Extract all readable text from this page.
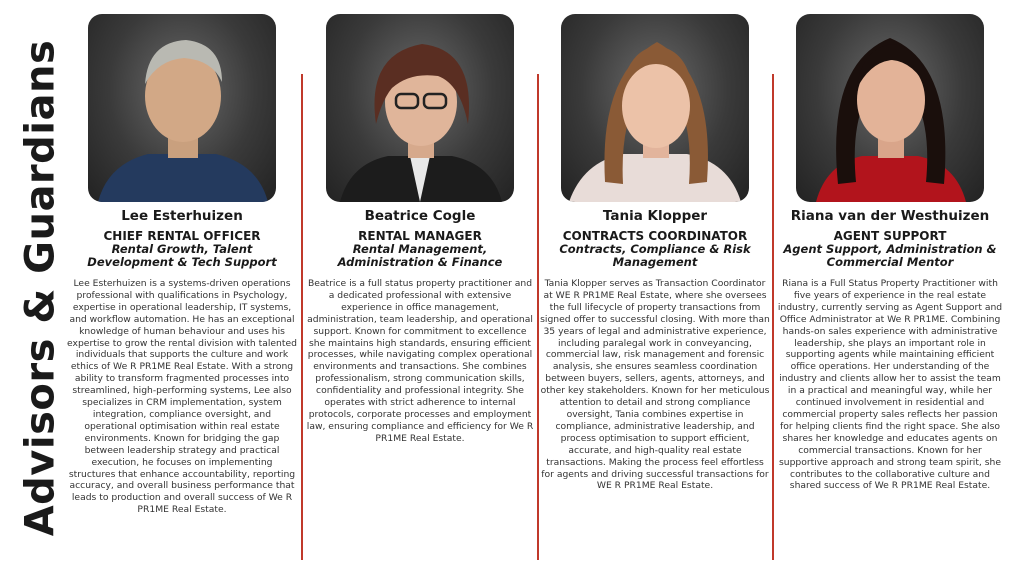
Advisors & Guardians	Lee Esterhuizen
CHIEF RENTAL OFFICER
Rental Growth, Talent Development & Tech Support
Lee Esterhuizen is a systems-driven operations professional with qualifications in Psychology, expertise in operational leadership, IT systems, and workflow automation. He has an exceptional knowledge of human behaviour and uses his expertise to grow the rental division with talented individuals that supports the culture and work ethics of We R PR1ME Real Estate. With a strong ability to transform fragmented processes into streamlined, high-performing systems, Lee also specializes in CRM implementation, system integration, compliance oversight, and operational optimisation within real estate environments. Known for bridging the gap between leadership strategy and practical execution, he focuses on implementing structures that enhance accountability, reporting accuracy, and overall business performance that leads to production and overall success of We R PR1ME Real Estate.
Beatrice Cogle
RENTAL MANAGER
Rental Management, Administration & Finance
Beatrice is a full status property practitioner and a dedicated professional with extensive experience in office management, administration, team leadership, and operational support. Known for commitment to excellence she maintains high standards, ensuring efficient processes, while navigating complex operational environments and transactions. She combines professionalism, strong communication skills, confidentiality and professional integrity. She operates with strict adherence to internal protocols, corporate processes and employment law, ensuring compliance and efficiency for We R PR1ME Real Estate.
Tania Klopper
CONTRACTS COORDINATOR
Contracts, Compliance & Risk Management
Tania Klopper serves as Transaction Coordinator at WE R PR1ME Real Estate, where she oversees the full lifecycle of property transactions from signed offer to successful closing. With more than 35 years of legal and administrative experience, including paralegal work in conveyancing, commercial law, risk management and forensic analysis, she ensures seamless coordination between buyers, sellers, agents, attorneys, and other key stakeholders. Known for her meticulous attention to detail and strong compliance oversight, Tania combines expertise in compliance, administrative leadership, and process optimisation to support efficient, accurate, and high-quality real estate transactions. Making the process feel effortless for agents and driving successful transactions for WE R PR1ME Real Estate.
Riana van der Westhuizen
AGENT SUPPORT
Agent Support, Administration & Commercial Mentor
Riana is a Full Status Property Practitioner with five years of experience in the real estate industry, currently serving as Agent Support and Office Administrator at We R PR1ME. Combining hands-on sales experience with administrative leadership, she plays an important role in supporting agents while maintaining efficient office operations. Her understanding of the industry and clients allow her to assist the team in a practical and meaningful way, while her continued involvement in residential and commercial property sales reflects her passion for helping clients find the right space. She also shares her knowledge and educates agents on commercial transactions. Known for her supportive approach and strong team spirit, she contributes to the collaborative culture and shared success of We R PR1ME Real Estate.
